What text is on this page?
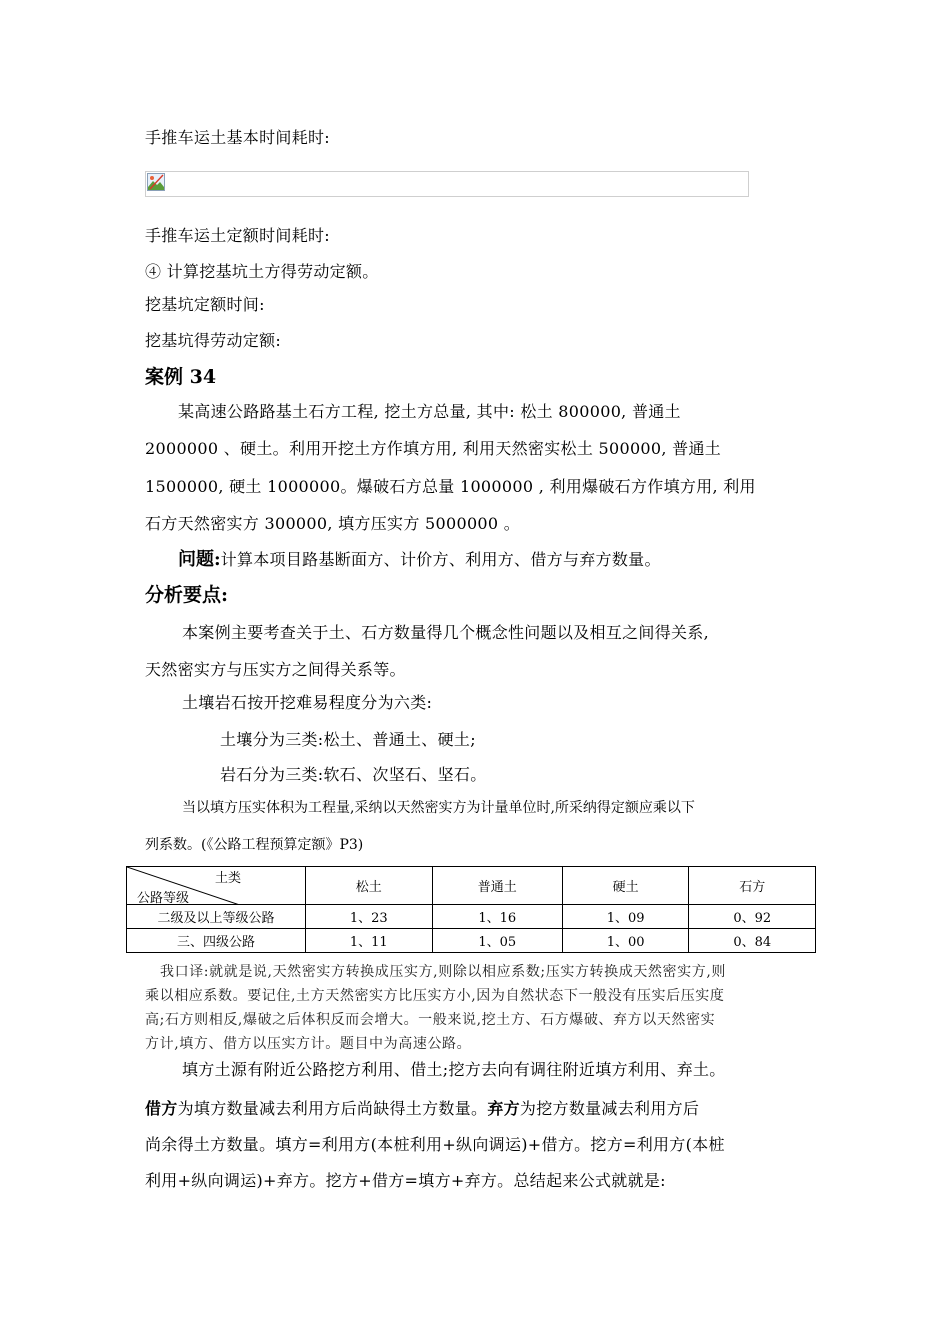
手推车运土基本时间耗时:
手推车运土定额时间耗时:
④ 计算挖基坑土方得劳动定额。
挖基坑定额时间:
挖基坑得劳动定额:
案例 34
某高速公路路基土石方工程, 挖土方总量, 其中: 松土 800000, 普通土
2000000 、硬土。利用开挖土方作填方用, 利用天然密实松土 500000, 普通土
1500000, 硬土 1000000。爆破石方总量 1000000 , 利用爆破石方作填方用, 利用
石方天然密实方 300000, 填方压实方 5000000 。
问题:计算本项目路基断面方、计价方、利用方、借方与弃方数量。
分析要点:
本案例主要考查关于土、石方数量得几个概念性问题以及相互之间得关系,
天然密实方与压实方之间得关系等。
土壤岩石按开挖难易程度分为六类:
土壤分为三类:松土、普通土、硬土;
岩石分为三类:软石、次坚石、坚石。
当以填方压实体积为工程量,采纳以天然密实方为计量单位时,所采纳得定额应乘以下
列系数。(《公路工程预算定额》P3)
土类
公路等级	松土	普通土	硬土	石方
二级及以上等级公路	1、23	1、16	1、09	0、92
三、四级公路	1、11	1、05	1、00	0、84
我口译:就就是说,天然密实方转换成压实方,则除以相应系数;压实方转换成天然密实方,则
乘以相应系数。要记住,土方天然密实方比压实方小,因为自然状态下一般没有压实后压实度
高;石方则相反,爆破之后体积反而会增大。一般来说,挖土方、石方爆破、弃方以天然密实
方计,填方、借方以压实方计。题目中为高速公路。
填方土源有附近公路挖方利用、借土;挖方去向有调往附近填方利用、弃土。
借方为填方数量减去利用方后尚缺得土方数量。弃方为挖方数量减去利用方后
尚余得土方数量。填方=利用方(本桩利用+纵向调运)+借方。挖方=利用方(本桩
利用+纵向调运)+弃方。挖方+借方=填方+弃方。总结起来公式就就是:
